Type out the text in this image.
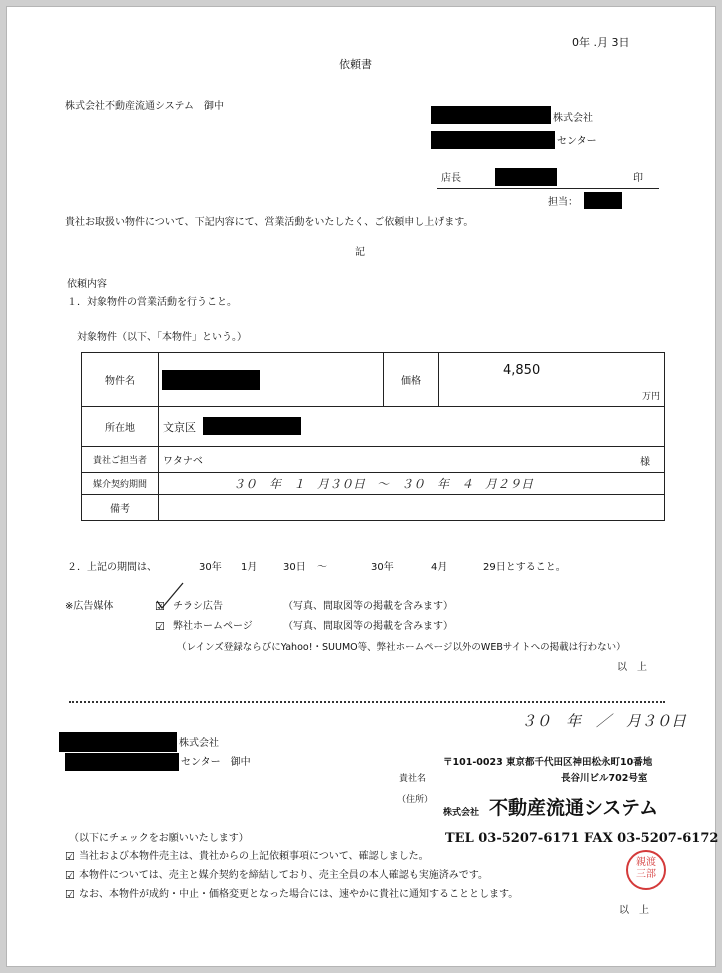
0年 .月 3日
依頼書
株式会社不動産流通システム　御中
株式会社
センター
店長	印
担当：
貴社お取扱い物件について、下記内容にて、営業活動をいたしたく、ご依頼申し上げます。
記
依頼内容
１．対象物件の営業活動を行うこと。
対象物件（以下、「本物件」という。）
物件名		価格	4,850
万円

所在地	文京区		

貴社ご担当者	ワタナベ 様		

媒介契約期間	３０　年　１　月３０日　～　３０　年　４　月２９日		
備考			
２．上記の期間は、	30年 1月	30日 ～	30年	4月	29日とすること。
※広告媒体	☑ チラシ広告	（写真、間取図等の掲載を含みます）
☑ 弊社ホームページ	（写真、間取図等の掲載を含みます）
（レインズ登録ならびにYahoo!・SUUMO等、弊社ホームページ以外のWEBサイトへの掲載は行わない）
以　上
３０　年　／　月３０日
株式会社
センター　御中
貴社名
（住所）
〒101-0023 東京都千代田区神田松永町10番地
長谷川ビル702号室
株式会社 不動産流通システム
TEL 03-5207-6171 FAX 03-5207-6172
（以下にチェックをお願いいたします）
☑ 当社および本物件売主は、貴社からの上記依頼事項について、確認しました。
☑ 本物件については、売主と媒介契約を締結しており、売主全員の本人確認も実施済みです。
☑ なお、本物件が成約・中止・価格変更となった場合には、速やかに貴社に通知することとします。
親渡三部
以　上
